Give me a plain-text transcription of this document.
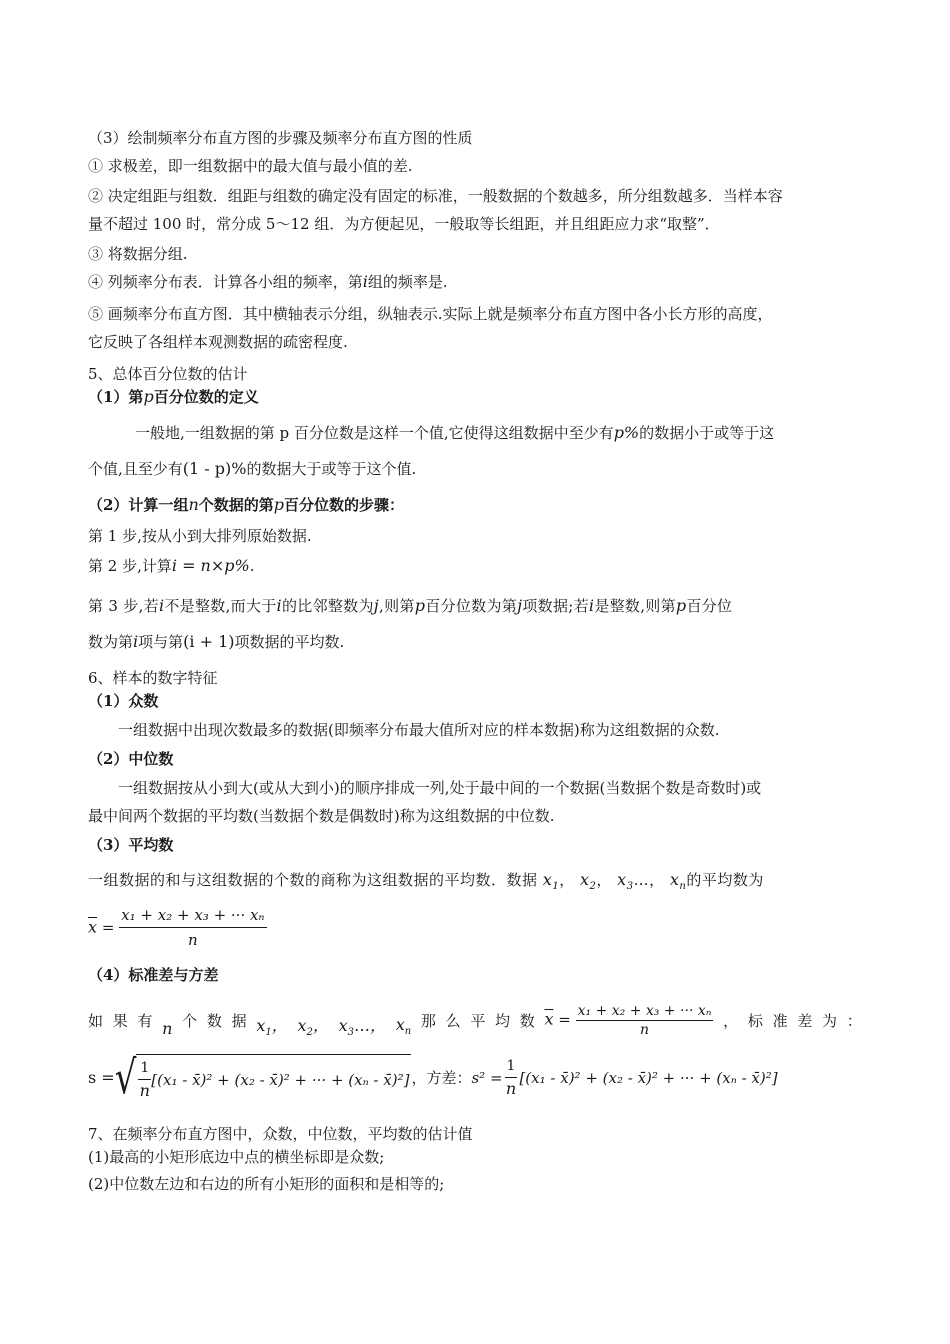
（3）绘制频率分布直方图的步骤及频率分布直方图的性质
① 求极差，即一组数据中的最大值与最小值的差.
② 决定组距与组数．组距与组数的确定没有固定的标准，一般数据的个数越多，所分组数越多．当样本容
量不超过 100 时，常分成 5～12 组．为方便起见，一般取等长组距，并且组距应力求“取整”．
③ 将数据分组.
④ 列频率分布表．计算各小组的频率，第i组的频率是.
⑤ 画频率分布直方图．其中横轴表示分组，纵轴表示.实际上就是频率分布直方图中各小长方形的高度，
它反映了各组样本观测数据的疏密程度.
5、总体百分位数的估计
（1）第p百分位数的定义
一般地,一组数据的第 p 百分位数是这样一个值,它使得这组数据中至少有p%的数据小于或等于这
个值,且至少有(1 - p)%的数据大于或等于这个值.
（2）计算一组n个数据的第p百分位数的步骤：
第 1 步,按从小到大排列原始数据.
第 2 步,计算i = n×p%.
第 3 步,若i不是整数,而大于i的比邻整数为j,则第p百分位数为第j项数据;若i是整数,则第p百分位
数为第i项与第(i + 1)项数据的平均数.
6、样本的数字特征
（1）众数
一组数据中出现次数最多的数据(即频率分布最大值所对应的样本数据)称为这组数据的众数.
（2）中位数
一组数据按从小到大(或从大到小)的顺序排成一列,处于最中间的一个数据(当数据个数是奇数时)或
最中间两个数据的平均数(当数据个数是偶数时)称为这组数据的中位数.
（3）平均数
一组数据的和与这组数据的个数的商称为这组数据的平均数．数据 $x_1$， $x_2$， $x_3\dots$， $x_n$的平均数为
$\overline{x} = \frac{\text{x₁ + x₂ + x₃ + ··· xₙ}}{n}$
（4）标准差与方差
如 果 有 n 个 数 据 $x_1$， $x_2$， $x_3\dots$， $x_n$
那 么 平 均 数 $\overline{x} = \frac{\text{x₁ + x₂ + x₃ + ··· xₙ}}{n}$ ， 标 准 差 为 ：
s = √ $\frac{1}{n} [(x_1$ - x̄)² + (x₂ - x̄)² + ··· + (xₙ - x̄)²] ，方差： $s^2 = \frac{1}{n} [(x_1$ - x̄)² + (x₂ - x̄)² + ··· + (xₙ - x̄)²]
7、在频率分布直方图中，众数，中位数，平均数的估计值
(1)最高的小矩形底边中点的横坐标即是众数;
(2)中位数左边和右边的所有小矩形的面积和是相等的;
